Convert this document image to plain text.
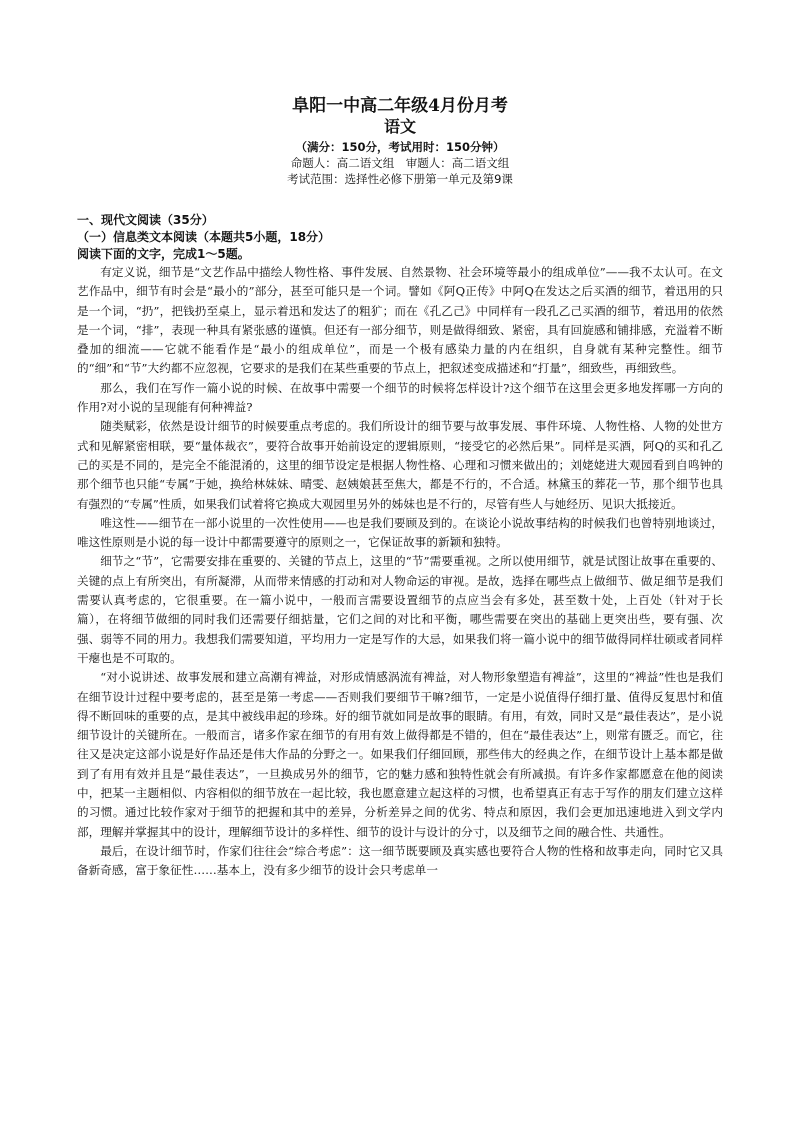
阜阳一中高二年级4月份月考

语文

（满分：150分，考试用时：150分钟）

命题人：高二语文组　审题人：高二语文组

考试范围：选择性必修下册第一单元及第9课

一、现代文阅读（35分）

（一）信息类文本阅读（本题共5小题，18分）

阅读下面的文字，完成1～5题。

有定义说，细节是“文艺作品中描绘人物性格、事件发展、自然景物、社会环境等最小的组成单位”——我不太认可。在文艺作品中，细节有时会是“最小的”部分，甚至可能只是一个词。譬如《阿Q正传》中阿Q在发达之后买酒的细节，着迅用的只是一个词，“扔”，把钱扔至桌上，显示着迅和发达了的粗犷；而在《孔乙己》中同样有一段孔乙己买酒的细节，着迅用的依然是一个词，“排”，表现一种具有紧张感的谨慎。但还有一部分细节，则是做得细致、紧密，具有回旋感和铺排感，充溢着不断叠加的细流——它就不能看作是“最小的组成单位”，而是一个极有感染力量的内在组织，自身就有某种完整性。细节的“细”和“节”大约都不应忽视，它要求的是我们在某些重要的节点上，把叙述变成描述和“打量”，细致些，再细致些。

那么，我们在写作一篇小说的时候、在故事中需要一个细节的时候将怎样设计?这个细节在这里会更多地发挥哪一方向的作用?对小说的呈现能有何种裨益?

随类赋彩，依然是设计细节的时候要重点考虑的。我们所设计的细节要与故事发展、事件环境、人物性格、人物的处世方式和见解紧密相联，要“量体裁衣”，要符合故事开始前设定的逻辑原则，“接受它的必然后果”。同样是买酒，阿Q的买和孔乙己的买是不同的，是完全不能混淆的，这里的细节设定是根据人物性格、心理和习惯来做出的；刘姥姥进大观园看到自鸣钟的那个细节也只能“专属”于她，换给林妹妹、晴雯、赵姨娘甚至焦大，都是不行的，不合适。林黛玉的葬花一节，那个细节也具有强烈的“专属”性质，如果我们试着将它换成大观园里另外的姊妹也是不行的，尽管有些人与她经历、见识大抵接近。

唯这性——细节在一部小说里的一次性使用——也是我们要顾及到的。在谈论小说故事结构的时候我们也曾特别地谈过，唯这性原则是小说的每一设计中都需要遵守的原则之一，它保证故事的新颖和独特。

细节之“节”，它需要安排在重要的、关键的节点上，这里的“节”需要重视。之所以使用细节，就是试图让故事在重要的、关键的点上有所突出，有所凝滞，从而带来情感的打动和对人物命运的审视。是故，选择在哪些点上做细节、做足细节是我们需要认真考虑的，它很重要。在一篇小说中，一般而言需要设置细节的点应当会有多处，甚至数十处，上百处（针对于长篇），在将细节做细的同时我们还需要仔细掂量，它们之间的对比和平衡，哪些需要在突出的基础上更突出些，要有强、次强、弱等不同的用力。我想我们需要知道，平均用力一定是写作的大忌，如果我们将一篇小说中的细节做得同样壮硕或者同样干瘪也是不可取的。

“对小说讲述、故事发展和建立高潮有裨益，对形成情感涡流有裨益，对人物形象塑造有裨益”，这里的“裨益”性也是我们在细节设计过程中要考虑的，甚至是第一考虑——否则我们要细节干嘛?细节，一定是小说值得仔细打量、值得反复思忖和值得不断回味的重要的点，是其中被线串起的珍珠。好的细节就如同是故事的眼睛。有用，有效，同时又是“最佳表达”，是小说细节设计的关键所在。一般而言，诸多作家在细节的有用有效上做得都是不错的，但在“最佳表达”上，则常有匮乏。而它，往往又是决定这部小说是好作品还是伟大作品的分野之一。如果我们仔细回顾，那些伟大的经典之作，在细节设计上基本都是做到了有用有效并且是“最佳表达”，一旦换成另外的细节，它的魅力感和独特性就会有所减损。有许多作家都愿意在他的阅读中，把某一主题相似、内容相似的细节放在一起比较，我也愿意建立起这样的习惯，也希望真正有志于写作的朋友们建立这样的习惯。通过比较作家对于细节的把握和其中的差异，分析差异之间的优劣、特点和原因，我们会更加迅速地进入到文学内部，理解并掌握其中的设计，理解细节设计的多样性、细节的设计与设计的分寸，以及细节之间的融合性、共通性。

最后，在设计细节时，作家们往往会“综合考虑”：这一细节既要顾及真实感也要符合人物的性格和故事走向，同时它又具备新奇感，富于象征性……基本上，没有多少细节的设计会只考虑单一
